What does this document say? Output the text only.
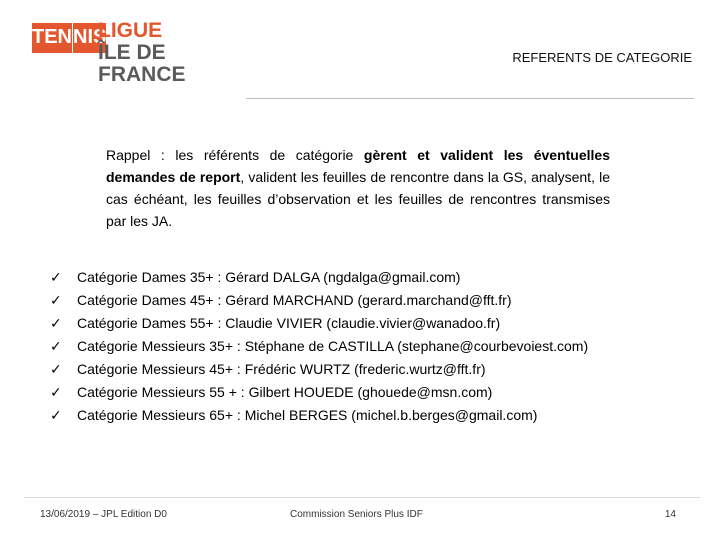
TEN NIS
LIGUE
ÎLE DE FRANCE
REFERENTS DE CATEGORIE

Rappel : les référents de catégorie gèrent et valident les éventuelles demandes de report, valident les feuilles de rencontre dans la GS, analysent, le cas échéant, les feuilles d’observation et les feuilles de rencontres transmises par les JA.

✓	Catégorie Dames 35+ : Gérard DALGA (ngdalga@gmail.com)
✓	Catégorie Dames 45+ : Gérard MARCHAND (gerard.marchand@fft.fr)
✓	Catégorie Dames 55+ : Claudie VIVIER (claudie.vivier@wanadoo.fr)
✓	Catégorie Messieurs 35+ : Stéphane de CASTILLA (stephane@courbevoiest.com)
✓	Catégorie Messieurs 45+ : Frédéric WURTZ (frederic.wurtz@fft.fr)
✓	Catégorie Messieurs 55 + : Gilbert HOUEDE (ghouede@msn.com)
✓	Catégorie Messieurs 65+ : Michel BERGES (michel.b.berges@gmail.com)
13/06/2019 – JPL Edition D0	Commission Seniors Plus IDF	14
